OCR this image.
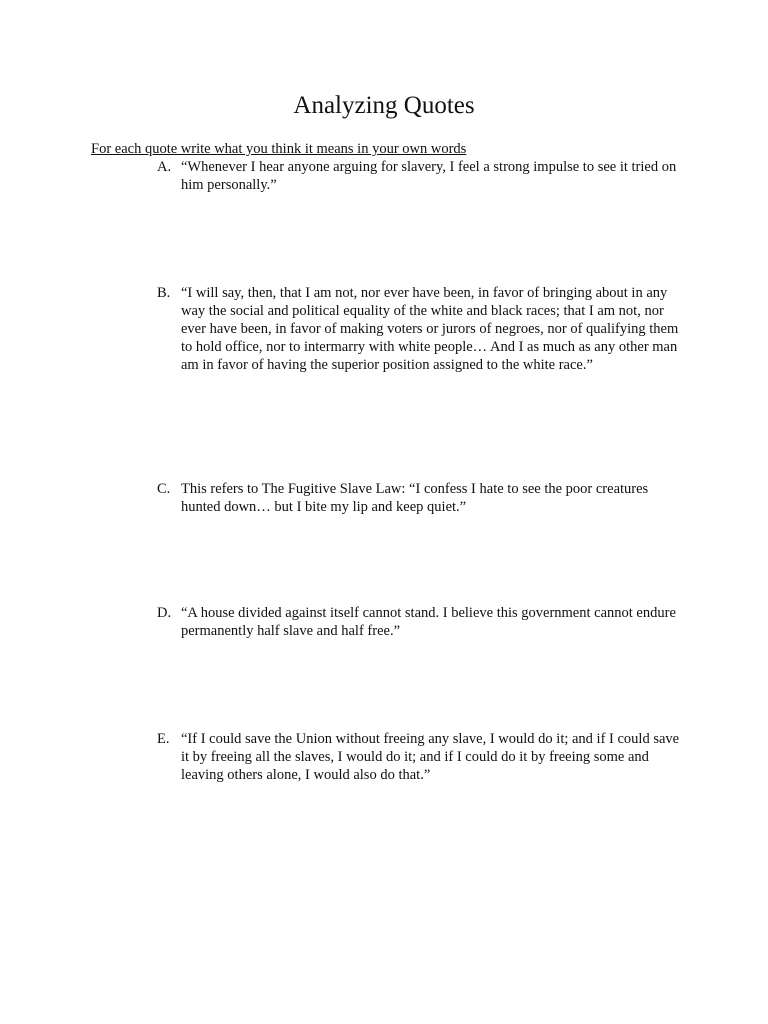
Analyzing Quotes

For each quote write what you think it means in your own words

A. “Whenever I hear anyone arguing for slavery, I feel a strong impulse to see it tried on him personally.”

B. “I will say, then, that I am not, nor ever have been, in favor of bringing about in any way the social and political equality of the white and black races; that I am not, nor ever have been, in favor of making voters or jurors of negroes, nor of qualifying them to hold office, nor to intermarry with white people… And I as much as any other man am in favor of having the superior position assigned to the white race.”

C. This refers to The Fugitive Slave Law: “I confess I hate to see the poor creatures hunted down… but I bite my lip and keep quiet.”

D. “A house divided against itself cannot stand. I believe this government cannot endure permanently half slave and half free.”

E. “If I could save the Union without freeing any slave, I would do it; and if I could save it by freeing all the slaves, I would do it; and if I could do it by freeing some and leaving others alone, I would also do that.”
